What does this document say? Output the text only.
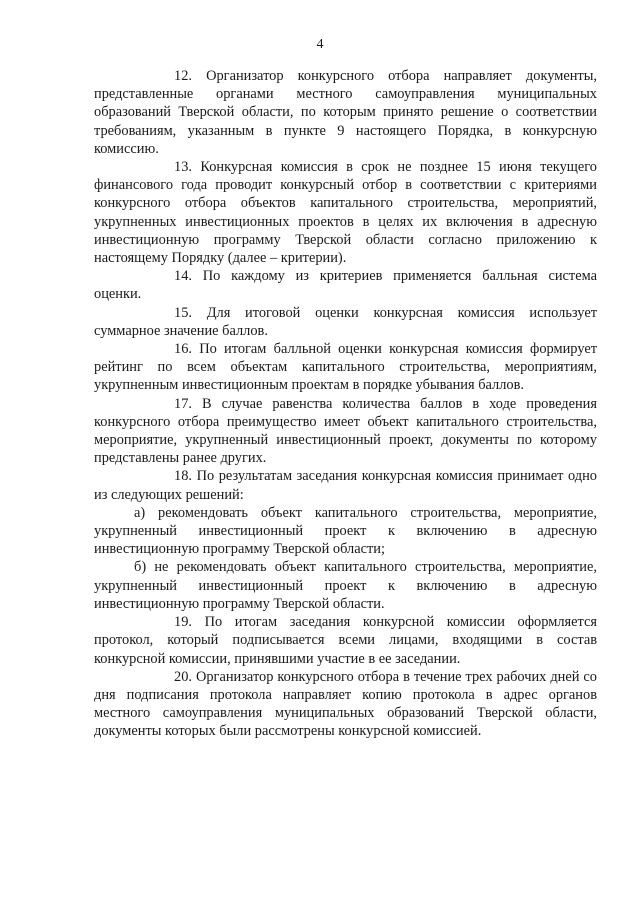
4

12. Организатор конкурсного отбора направляет документы, представленные органами местного самоуправления муниципальных образований Тверской области, по которым принято решение о соответствии требованиям, указанным в пункте 9 настоящего Порядка, в конкурсную комиссию.

13. Конкурсная комиссия в срок не позднее 15 июня текущего финансового года проводит конкурсный отбор в соответствии с критериями конкурсного отбора объектов капитального строительства, мероприятий, укрупненных инвестиционных проектов в целях их включения в адресную инвестиционную программу Тверской области согласно приложению к настоящему Порядку (далее – критерии).

14. По каждому из критериев применяется балльная система оценки.

15. Для итоговой оценки конкурсная комиссия использует суммарное значение баллов.

16. По итогам балльной оценки конкурсная комиссия формирует рейтинг по всем объектам капитального строительства, мероприятиям, укрупненным инвестиционным проектам в порядке убывания баллов.

17. В случае равенства количества баллов в ходе проведения конкурсного отбора преимущество имеет объект капитального строительства, мероприятие, укрупненный инвестиционный проект, документы по которому представлены ранее других.

18. По результатам заседания конкурсная комиссия принимает одно из следующих решений:

а) рекомендовать объект капитального строительства, мероприятие, укрупненный инвестиционный проект к включению в адресную инвестиционную программу Тверской области;

б) не рекомендовать объект капитального строительства, мероприятие, укрупненный инвестиционный проект к включению в адресную инвестиционную программу Тверской области.

19. По итогам заседания конкурсной комиссии оформляется протокол, который подписывается всеми лицами, входящими в состав конкурсной комиссии, принявшими участие в ее заседании.

20. Организатор конкурсного отбора в течение трех рабочих дней со дня подписания протокола направляет копию протокола в адрес органов местного самоуправления муниципальных образований Тверской области, документы которых были рассмотрены конкурсной комиссией.
